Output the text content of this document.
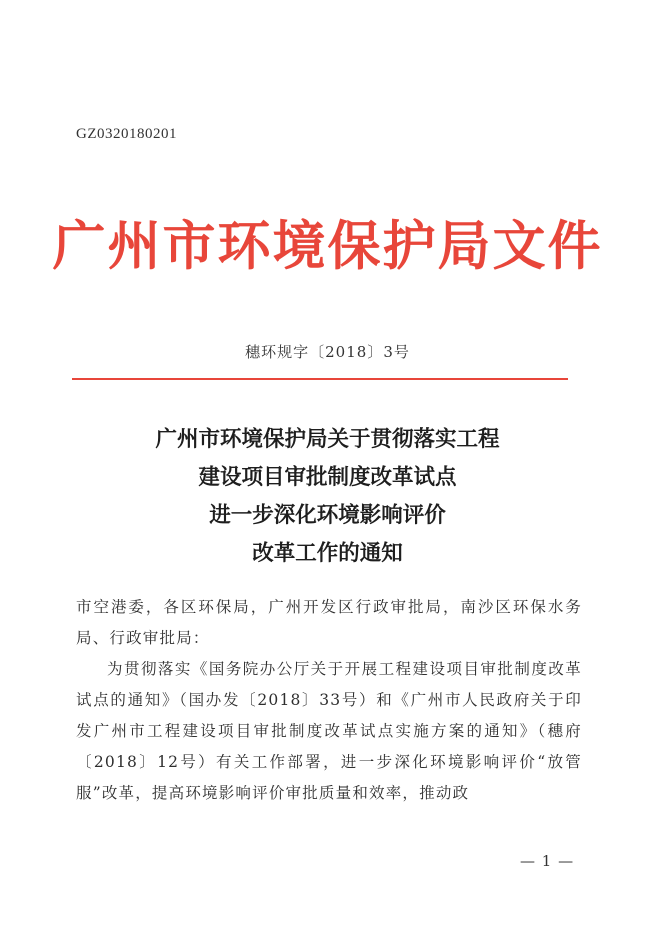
GZ0320180201
广州市环境保护局文件
穗环规字〔2018〕3号
广州市环境保护局关于贯彻落实工程
建设项目审批制度改革试点
进一步深化环境影响评价
改革工作的通知

市空港委，各区环保局，广州开发区行政审批局，南沙区环保水务局、行政审批局：

为贯彻落实《国务院办公厅关于开展工程建设项目审批制度改革试点的通知》（国办发〔2018〕33号）和《广州市人民政府关于印发广州市工程建设项目审批制度改革试点实施方案的通知》（穗府〔2018〕12号）有关工作部署，进一步深化环境影响评价“放管服”改革，提高环境影响评价审批质量和效率，推动政

— 1 —
